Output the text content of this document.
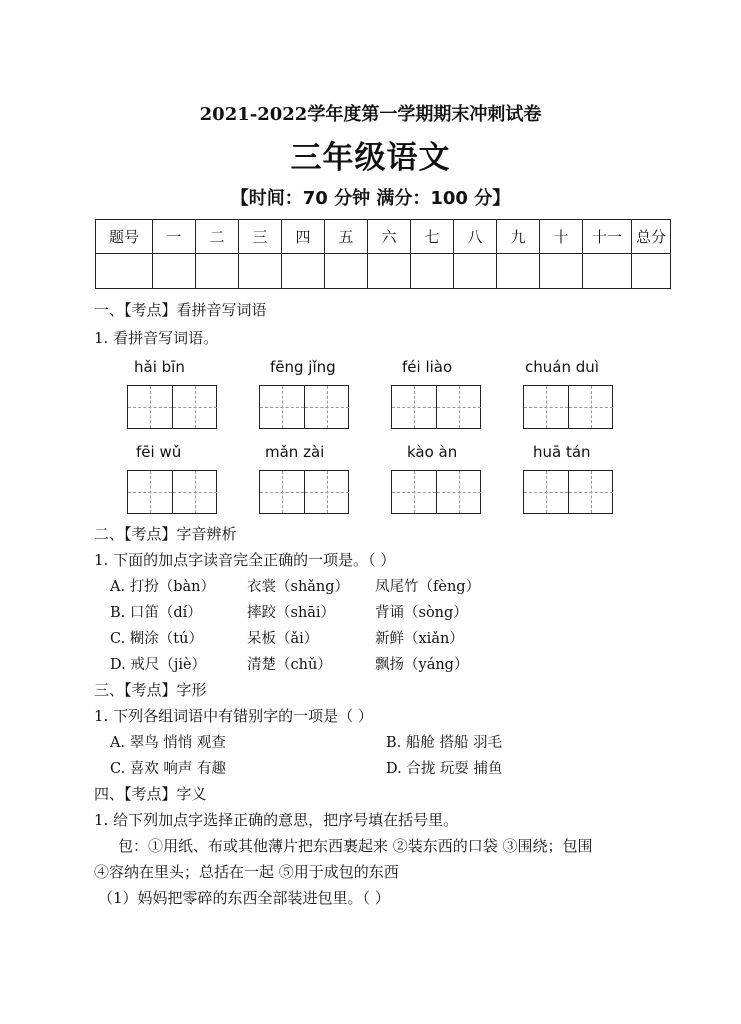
2021-2022学年度第一学期期末冲刺试卷
三年级语文
【时间：70 分钟 满分：100 分】
题号	一	二	三	四	五	六	七	八	九	十	十一	总分

一、【考点】看拼音写词语
1. 看拼音写词语。
hǎi bīn	fēng jǐng	féi liào	chuán duì
fēi wǔ	mǎn zài	kào àn	huā tán
二、【考点】字音辨析
1. 下面的加点字读音完全正确的一项是。（ ）
A. 打扮（bàn） 衣裳（shǎng） 凤尾竹（fèng）
B. 口笛（dí）	摔跤（shāi）	背诵（sòng）
C. 糊涂（tú）	呆板（ǎi）	新鲜（xiǎn）
D. 戒尺（jiè）	清楚（chǔ）	飘扬（yáng）
三、【考点】字形
1. 下列各组词语中有错别字的一项是（ ）
A. 翠鸟 悄悄 观查	B. 船舱 搭船 羽毛
C. 喜欢 响声 有趣	D. 合拢 玩耍 捕鱼
四、【考点】字义
1. 给下列加点字选择正确的意思，把序号填在括号里。
包：①用纸、布或其他薄片把东西裹起来 ②装东西的口袋 ③围绕；包围
④容纳在里头；总括在一起 ⑤用于成包的东西
（1）妈妈把零碎的东西全部装进包里。（ ）
